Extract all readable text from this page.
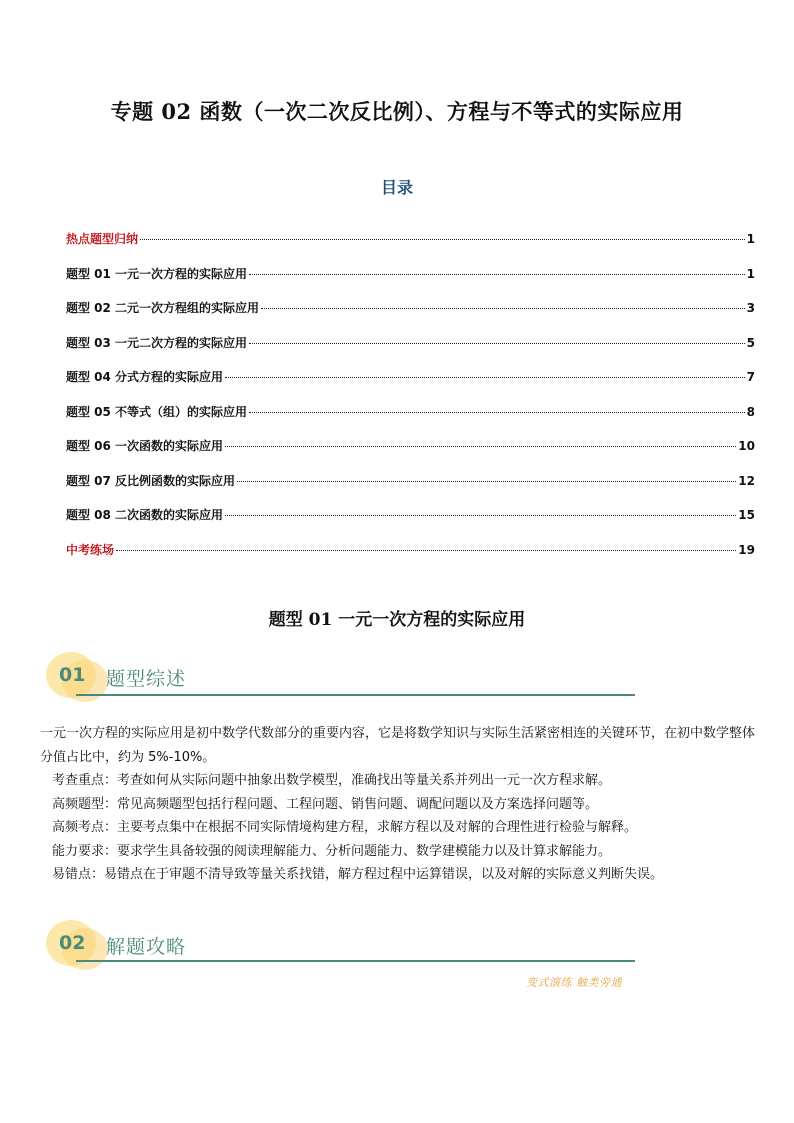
专题 02 函数（一次二次反比例）、方程与不等式的实际应用
目录
热点题型归纳	1
题型 01 一元一次方程的实际应用	1
题型 02 二元一次方程组的实际应用	3
题型 03 一元二次方程的实际应用	5
题型 04 分式方程的实际应用	7
题型 05 不等式（组）的实际应用	8
题型 06 一次函数的实际应用	10
题型 07 反比例函数的实际应用	12
题型 08 二次函数的实际应用	15
中考练场	19
题型 01 一元一次方程的实际应用
01 题型综述

一元一次方程的实际应用是初中数学代数部分的重要内容，它是将数学知识与实际生活紧密相连的关键环节，在初中数学整体分值占比中，约为 5%-10%。

考查重点：考查如何从实际问题中抽象出数学模型，准确找出等量关系并列出一元一次方程求解。

高频题型：常见高频题型包括行程问题、工程问题、销售问题、调配问题以及方案选择问题等。

高频考点：主要考点集中在根据不同实际情境构建方程，求解方程以及对解的合理性进行检验与解释。

能力要求：要求学生具备较强的阅读理解能力、分析问题能力、数学建模能力以及计算求解能力。

易错点：易错点在于审题不清导致等量关系找错，解方程过程中运算错误，以及对解的实际意义判断失误。

02 解题攻略
变式演练 触类旁通
